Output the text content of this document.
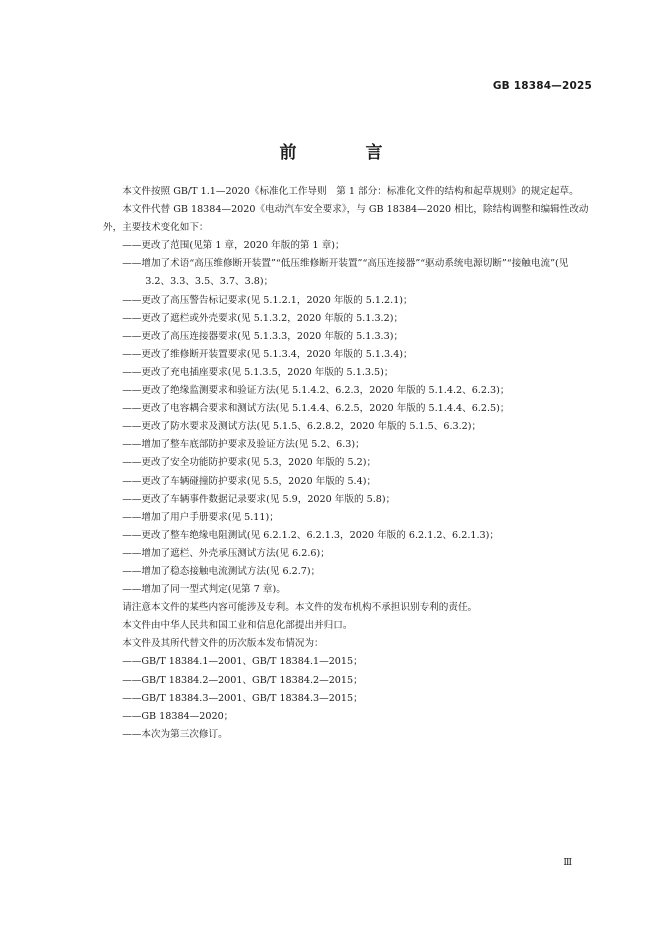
GB 18384—2025
前　言

本文件按照 GB/T 1.1—2020《标准化工作导则　第 1 部分：标准化文件的结构和起草规则》的规定起草。

本文件代替 GB 18384—2020《电动汽车安全要求》，与 GB 18384—2020 相比，除结构调整和编辑性改动外，主要技术变化如下：

——更改了范围(见第 1 章，2020 年版的第 1 章)；
——增加了术语“高压维修断开装置”“低压维修断开装置”“高压连接器”“驱动系统电源切断”“接触电流”(见 3.2、3.3、3.5、3.7、3.8)；
——更改了高压警告标记要求(见 5.1.2.1，2020 年版的 5.1.2.1)；
——更改了遮栏或外壳要求(见 5.1.3.2，2020 年版的 5.1.3.2)；
——更改了高压连接器要求(见 5.1.3.3，2020 年版的 5.1.3.3)；
——更改了维修断开装置要求(见 5.1.3.4，2020 年版的 5.1.3.4)；
——更改了充电插座要求(见 5.1.3.5，2020 年版的 5.1.3.5)；
——更改了绝缘监测要求和验证方法(见 5.1.4.2、6.2.3，2020 年版的 5.1.4.2、6.2.3)；
——更改了电容耦合要求和测试方法(见 5.1.4.4、6.2.5，2020 年版的 5.1.4.4、6.2.5)；
——更改了防水要求及测试方法(见 5.1.5、6.2.8.2，2020 年版的 5.1.5、6.3.2)；
——增加了整车底部防护要求及验证方法(见 5.2、6.3)；
——更改了安全功能防护要求(见 5.3，2020 年版的 5.2)；
——更改了车辆碰撞防护要求(见 5.5，2020 年版的 5.4)；
——更改了车辆事件数据记录要求(见 5.9，2020 年版的 5.8)；
——增加了用户手册要求(见 5.11)；
——更改了整车绝缘电阻测试(见 6.2.1.2、6.2.1.3，2020 年版的 6.2.1.2、6.2.1.3)；
——增加了遮栏、外壳承压测试方法(见 6.2.6)；
——增加了稳态接触电流测试方法(见 6.2.7)；
——增加了同一型式判定(见第 7 章)。

请注意本文件的某些内容可能涉及专利。本文件的发布机构不承担识别专利的责任。

本文件由中华人民共和国工业和信息化部提出并归口。

本文件及其所代替文件的历次版本发布情况为：

——GB/T 18384.1—2001、GB/T 18384.1—2015；
——GB/T 18384.2—2001、GB/T 18384.2—2015；
——GB/T 18384.3—2001、GB/T 18384.3—2015；
——GB 18384—2020；
——本次为第三次修订。
Ⅲ
